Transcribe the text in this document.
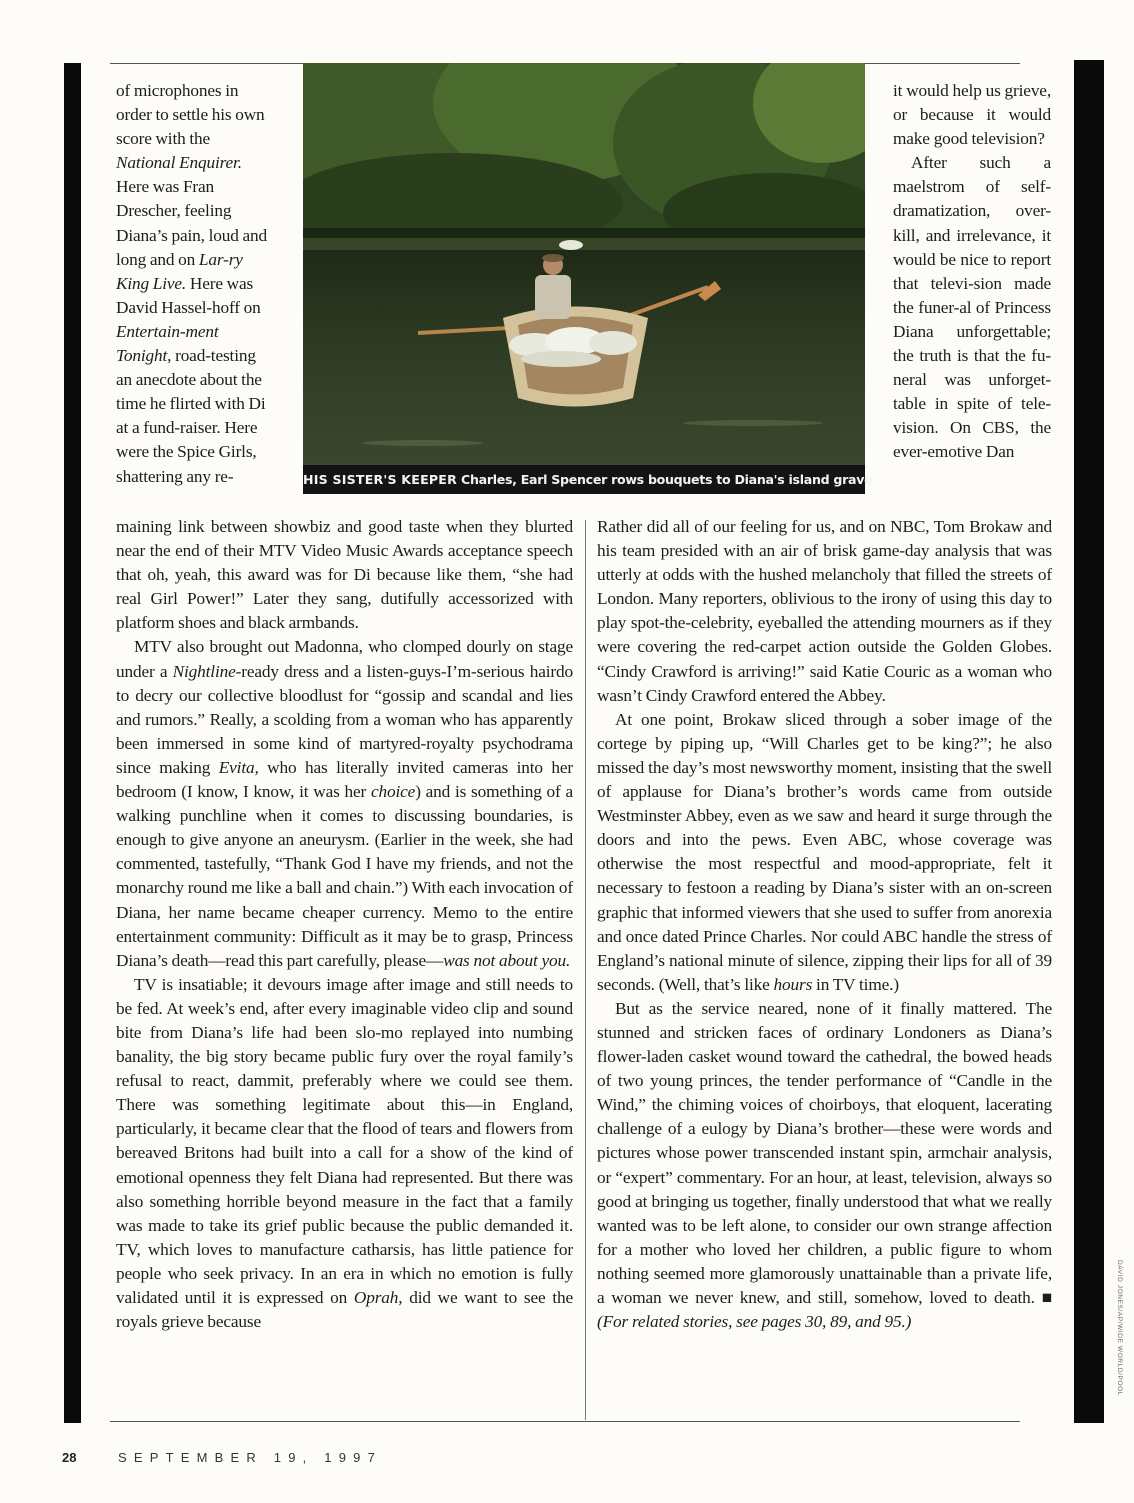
HIS SISTER'S KEEPER Charles, Earl Spencer rows bouquets to Diana's island grave

of microphones in order to settle his own score with the National Enquirer. Here was Fran Drescher, feeling Diana’s pain, loud and long and on Lar-ry King Live. Here was David Hassel-hoff on Entertain-ment Tonight, road-testing an anecdote about the time he flirted with Di at a fund-raiser. Here were the Spice Girls, shattering any re-

it would help us grieve, or because it would make good television?

After such a maelstrom of self-dramatization, over-kill, and irrelevance, it would be nice to report that televi-sion made the funer-al of Princess Diana unforgettable; the truth is that the fu-neral was unforget-table in spite of tele-vision. On CBS, the ever-emotive Dan

maining link between showbiz and good taste when they blurted near the end of their MTV Video Music Awards acceptance speech that oh, yeah, this award was for Di because like them, “she had real Girl Power!” Later they sang, dutifully accessorized with platform shoes and black armbands.

MTV also brought out Madonna, who clomped dourly on stage under a Nightline-ready dress and a listen-guys-I’m-serious hairdo to decry our collective bloodlust for “gossip and scandal and lies and rumors.” Really, a scolding from a woman who has apparently been immersed in some kind of martyred-royalty psychodrama since making Evita, who has literally invited cameras into her bedroom (I know, I know, it was her choice) and is something of a walking punchline when it comes to discussing boundaries, is enough to give anyone an aneurysm. (Earlier in the week, she had commented, tastefully, “Thank God I have my friends, and not the monarchy round me like a ball and chain.”) With each invocation of Diana, her name became cheaper currency. Memo to the entire entertainment community: Difficult as it may be to grasp, Princess Diana’s death—read this part carefully, please—was not about you.

TV is insatiable; it devours image after image and still needs to be fed. At week’s end, after every imaginable video clip and sound bite from Diana’s life had been slo-mo replayed into numbing banality, the big story became public fury over the royal family’s refusal to react, dammit, preferably where we could see them. There was something legitimate about this—in England, particularly, it became clear that the flood of tears and flowers from bereaved Britons had built into a call for a show of the kind of emotional openness they felt Diana had represented. But there was also something horrible beyond measure in the fact that a family was made to take its grief public because the public demanded it. TV, which loves to manufacture catharsis, has little patience for people who seek privacy. In an era in which no emotion is fully validated until it is expressed on Oprah, did we want to see the royals grieve because

Rather did all of our feeling for us, and on NBC, Tom Brokaw and his team presided with an air of brisk game-day analysis that was utterly at odds with the hushed melancholy that filled the streets of London. Many reporters, oblivious to the irony of using this day to play spot-the-celebrity, eyeballed the attending mourners as if they were covering the red-carpet action outside the Golden Globes. “Cindy Crawford is arriving!” said Katie Couric as a woman who wasn’t Cindy Crawford entered the Abbey.

At one point, Brokaw sliced through a sober image of the cortege by piping up, “Will Charles get to be king?”; he also missed the day’s most newsworthy moment, insisting that the swell of applause for Diana’s brother’s words came from outside Westminster Abbey, even as we saw and heard it surge through the doors and into the pews. Even ABC, whose coverage was otherwise the most respectful and mood-appropriate, felt it necessary to festoon a reading by Diana’s sister with an on-screen graphic that informed viewers that she used to suffer from anorexia and once dated Prince Charles. Nor could ABC handle the stress of England’s national minute of silence, zipping their lips for all of 39 seconds. (Well, that’s like hours in TV time.)

But as the service neared, none of it finally mattered. The stunned and stricken faces of ordinary Londoners as Diana’s flower-laden casket wound toward the cathedral, the bowed heads of two young princes, the tender performance of “Candle in the Wind,” the chiming voices of choirboys, that eloquent, lacerating challenge of a eulogy by Diana’s brother—these were words and pictures whose power transcended instant spin, armchair analysis, or “expert” commentary. For an hour, at least, television, always so good at bringing us together, finally understood that what we really wanted was to be left alone, to consider our own strange affection for a mother who loved her children, a public figure to whom nothing seemed more glamorously unattainable than a private life, a woman we never knew, and still, somehow, loved to death. ■ (For related stories, see pages 30, 89, and 95.)

28	SEPTEMBER 19, 1997
DAVID JONES/AP/WIDE WORLD/POOL
